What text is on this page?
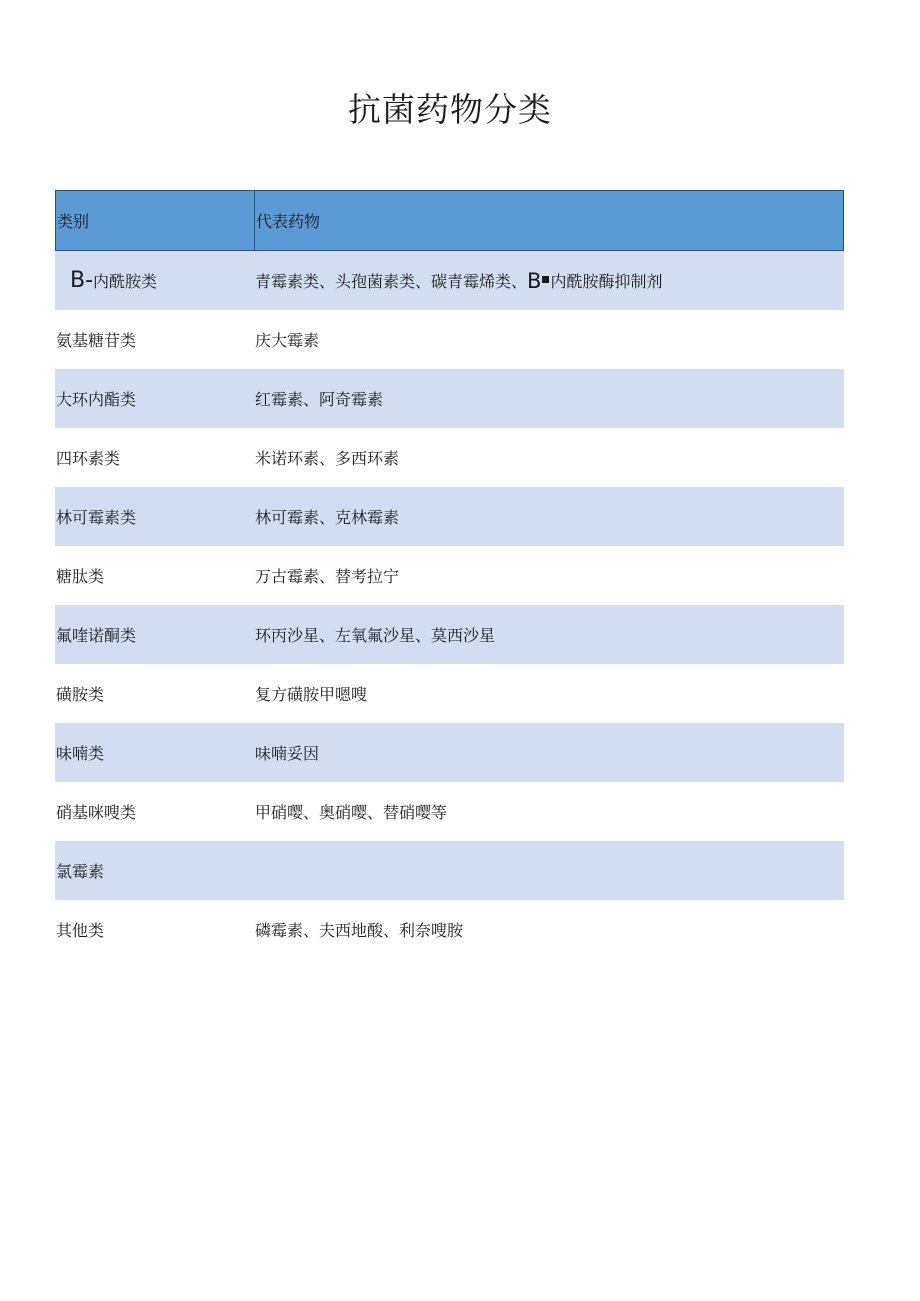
抗菌药物分类
类别	代表药物
B- 内酰胺类	青霉素类、头孢菌素类、碳青霉烯类、 B 内酰胺酶抑制剂
氨基糖苷类	庆大霉素
大环内酯类	红霉素、阿奇霉素
四环素类	米诺环素、多西环素
林可霉素类	林可霉素、克林霉素
糖肽类	万古霉素、替考拉宁
氟喹诺酮类	环丙沙星、左氧氟沙星、莫西沙星
磺胺类	复方磺胺甲嗯嗖
味喃类	味喃妥因
硝基咪嗖类	甲硝嘤、奥硝嘤、替硝嘤等
氯霉素
其他类	磷霉素、夫西地酸、利奈嗖胺
